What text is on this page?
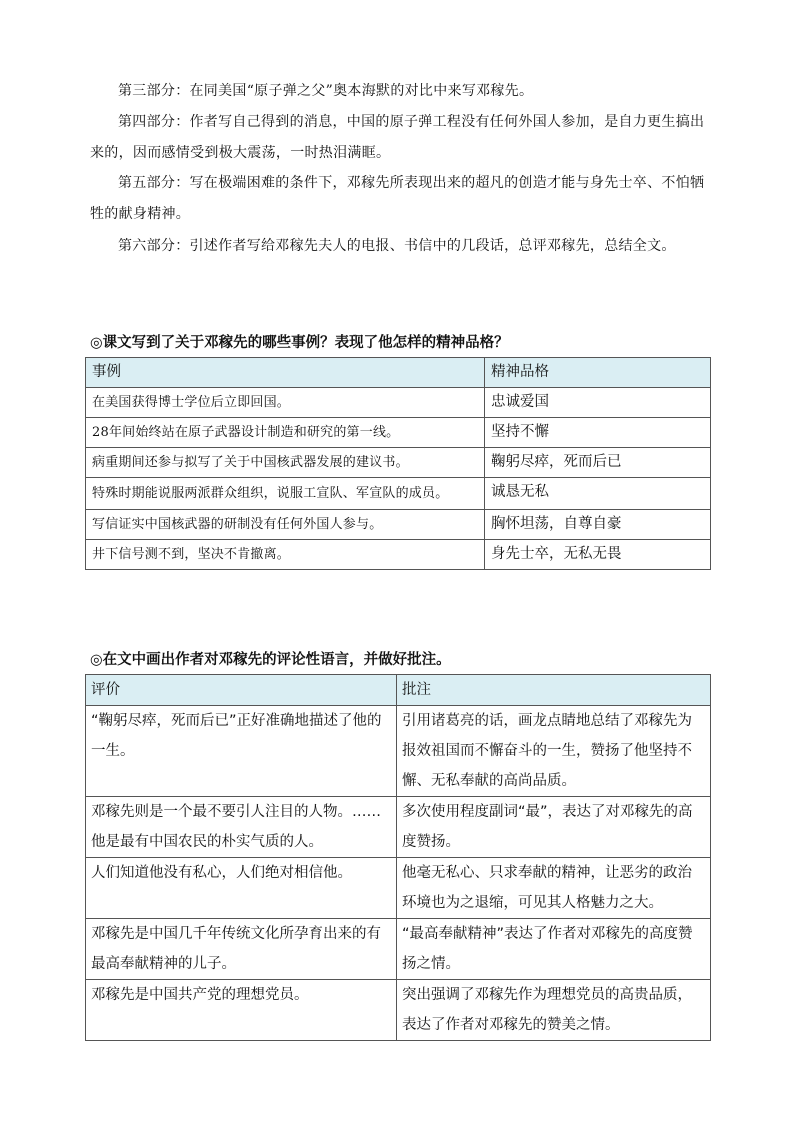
第三部分：在同美国“原子弹之父”奥本海默的对比中来写邓稼先。
第四部分：作者写自己得到的消息，中国的原子弹工程没有任何外国人参加，是自力更生搞出来的，因而感情受到极大震荡，一时热泪满眶。
第五部分：写在极端困难的条件下，邓稼先所表现出来的超凡的创造才能与身先士卒、不怕牺牲的献身精神。
第六部分：引述作者写给邓稼先夫人的电报、书信中的几段话，总评邓稼先，总结全文。
◎课文写到了关于邓稼先的哪些事例？表现了他怎样的精神品格？
事例	精神品格
在美国获得博士学位后立即回国。	忠诚爱国
28年间始终站在原子武器设计制造和研究的第一线。	坚持不懈
病重期间还参与拟写了关于中国核武器发展的建议书。	鞠躬尽瘁，死而后已
特殊时期能说服两派群众组织，说服工宣队、军宣队的成员。	诚恳无私
写信证实中国核武器的研制没有任何外国人参与。	胸怀坦荡，自尊自豪
井下信号测不到，坚决不肯撤离。	身先士卒，无私无畏
◎在文中画出作者对邓稼先的评论性语言，并做好批注。
评价	批注
“鞠躬尽瘁，死而后已”正好准确地描述了他的一生。	引用诸葛亮的话，画龙点睛地总结了邓稼先为报效祖国而不懈奋斗的一生，赞扬了他坚持不懈、无私奉献的高尚品质。
邓稼先则是一个最不要引人注目的人物。……他是最有中国农民的朴实气质的人。	多次使用程度副词“最”，表达了对邓稼先的高度赞扬。
人们知道他没有私心，人们绝对相信他。	他毫无私心、只求奉献的精神，让恶劣的政治环境也为之退缩，可见其人格魅力之大。
邓稼先是中国几千年传统文化所孕育出来的有最高奉献精神的儿子。	“最高奉献精神”表达了作者对邓稼先的高度赞扬之情。
邓稼先是中国共产党的理想党员。	突出强调了邓稼先作为理想党员的高贵品质，表达了作者对邓稼先的赞美之情。
